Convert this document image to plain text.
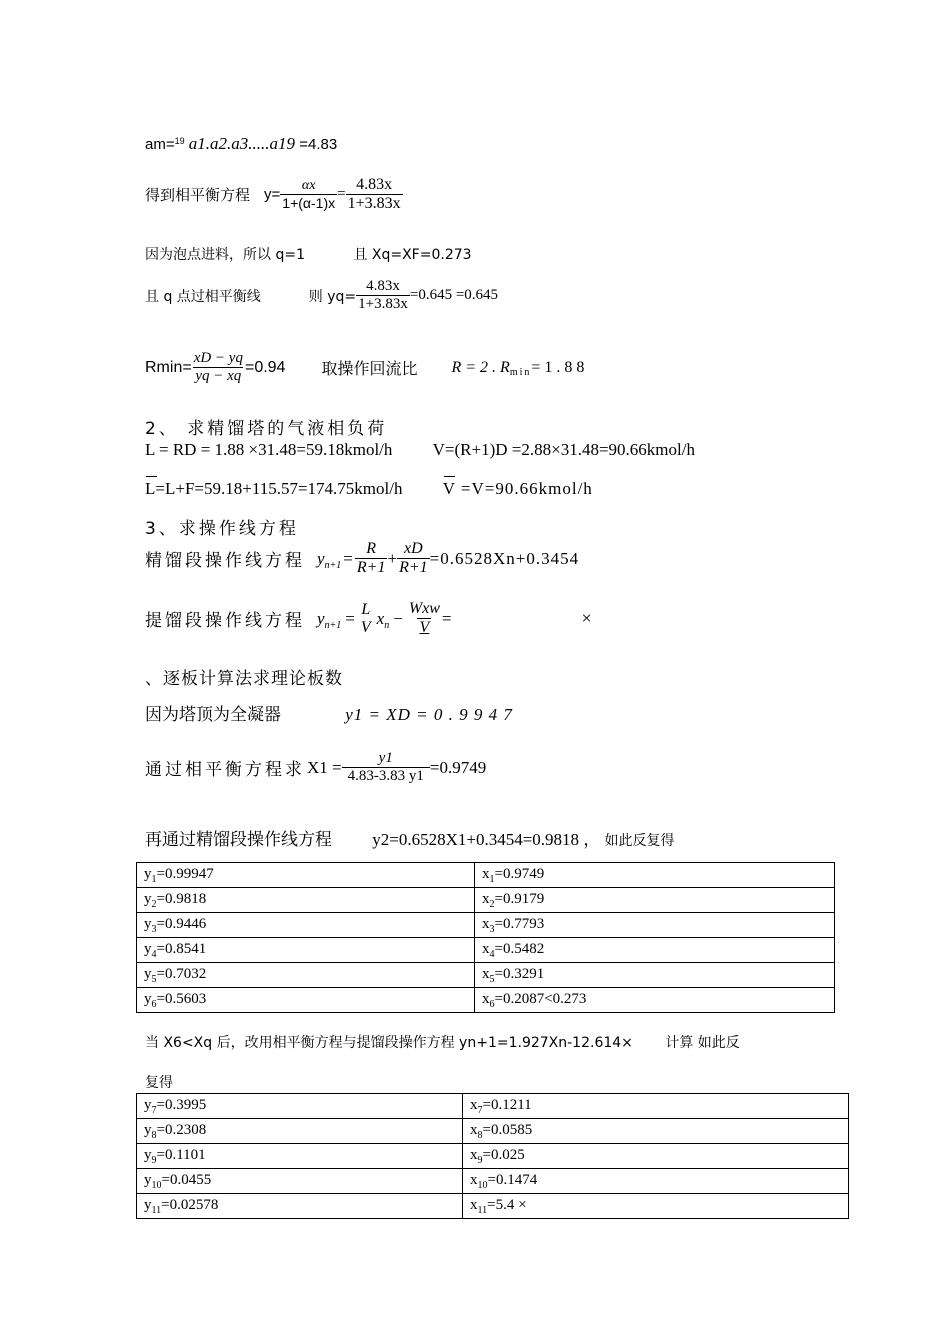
am=$^{19}$ a1.a2.a3.....a19 =4.83
得到相平衡方程 $y= \frac{\alpha x}{1+(\alpha-1)x} = \frac{4.83x}{1+3.83x}$
因为泡点进料，所以 q=1	且 Xq=XF=0.273
且 q 点过相平衡线	则 $yq= \frac{4.83x}{1+3.83x} =0.645 =0.645$
$Rmin= \frac{xD - yq}{yq - xq} =0.94$ 取操作回流比 R = 2 . R min = 1 . 8 8
2、 求精馏塔的气液相负荷
L = RD = 1.88 ×31.48=59.18kmol/h V=(R+1)D =2.88×31.48=90.66kmol/h
L=L+F=59.18+115.57=174.75kmol/h V =V=90.66kmol/h
3、求操作线方程
精馏段操作线方程 y $n+1 = \frac{R}{R+1} + \frac{xD}{R+1} =0.6528Xn+0.3454$
提馏段操作线方程 y n+1 = L
V x $n - \frac{\text{Wxw}}{V}$ =	×
、逐板计算法求理论板数
因为塔顶为全凝器	y1 = XD = 0 . 9 9 4 7
通过相平衡方程求 $X1 = \frac{y1}{4.83-3.83 y1} =0.9749$
再通过精馏段操作线方程 y2=0.6528X1+0.3454=0.9818 ， 如此反复得
$y_1=0.99947$	$x_1=0.9749$
$y_2=0.9818$	$x_2=0.9179$
$y_3=0.9446$	$x_3=0.7793$
$y_4=0.8541$	$x_4=0.5482$
$y_5=0.7032$	$x_5=0.3291$
$y_6=0.5603$	$x_6=0.2087<0.273$
当 X6<Xq 后，改用相平衡方程与提馏段操作方程 yn+1=1.927Xn-12.614× 计算 如此反
复得
$y_7=0.3995$	$x_7=0.1211$
$y_8=0.2308$	$x_8=0.0585$
$y_9=0.1101$	$x_9=0.025$
$y_{10}=0.0455$	$x_{10}=0.1474$
$y_{11}=0.02578$	$x_{11}=5.4$ ×
